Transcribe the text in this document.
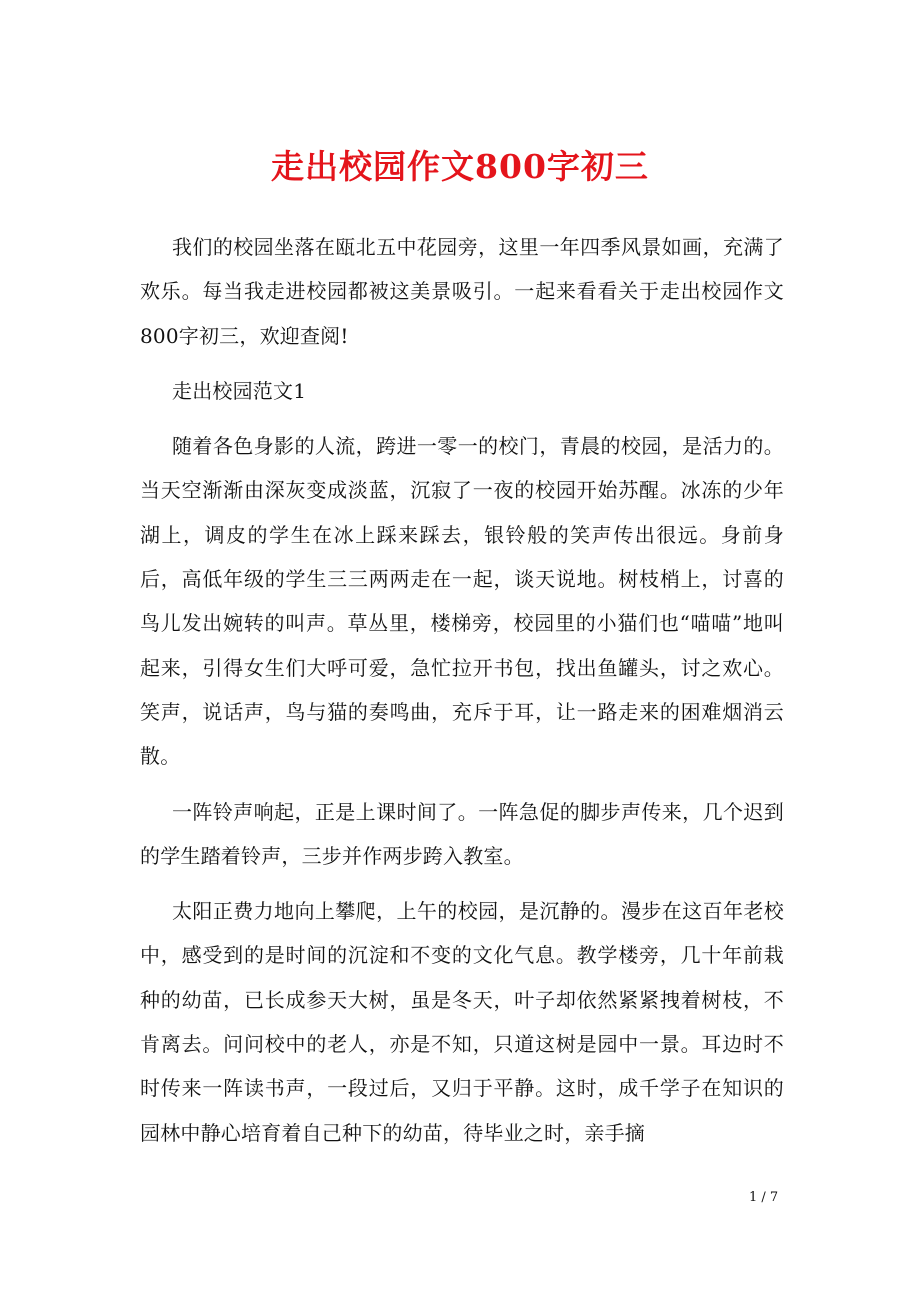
走出校园作文800字初三

我们的校园坐落在瓯北五中花园旁，这里一年四季风景如画，充满了欢乐。每当我走进校园都被这美景吸引。一起来看看关于走出校园作文800字初三，欢迎查阅!

走出校园范文1

随着各色身影的人流，跨进一零一的校门，青晨的校园，是活力的。当天空渐渐由深灰变成淡蓝，沉寂了一夜的校园开始苏醒。冰冻的少年湖上，调皮的学生在冰上踩来踩去，银铃般的笑声传出很远。身前身后，高低年级的学生三三两两走在一起，谈天说地。树枝梢上，讨喜的鸟儿发出婉转的叫声。草丛里，楼梯旁，校园里的小猫们也“喵喵”地叫起来，引得女生们大呼可爱，急忙拉开书包，找出鱼罐头，讨之欢心。笑声，说话声，鸟与猫的奏鸣曲，充斥于耳，让一路走来的困难烟消云散。

一阵铃声响起，正是上课时间了。一阵急促的脚步声传来，几个迟到的学生踏着铃声，三步并作两步跨入教室。

太阳正费力地向上攀爬，上午的校园，是沉静的。漫步在这百年老校中，感受到的是时间的沉淀和不变的文化气息。教学楼旁，几十年前栽种的幼苗，已长成参天大树，虽是冬天，叶子却依然紧紧拽着树枝，不肯离去。问问校中的老人，亦是不知，只道这树是园中一景。耳边时不时传来一阵读书声，一段过后，又归于平静。这时，成千学子在知识的园林中静心培育着自己种下的幼苗，待毕业之时，亲手摘

1 / 7
